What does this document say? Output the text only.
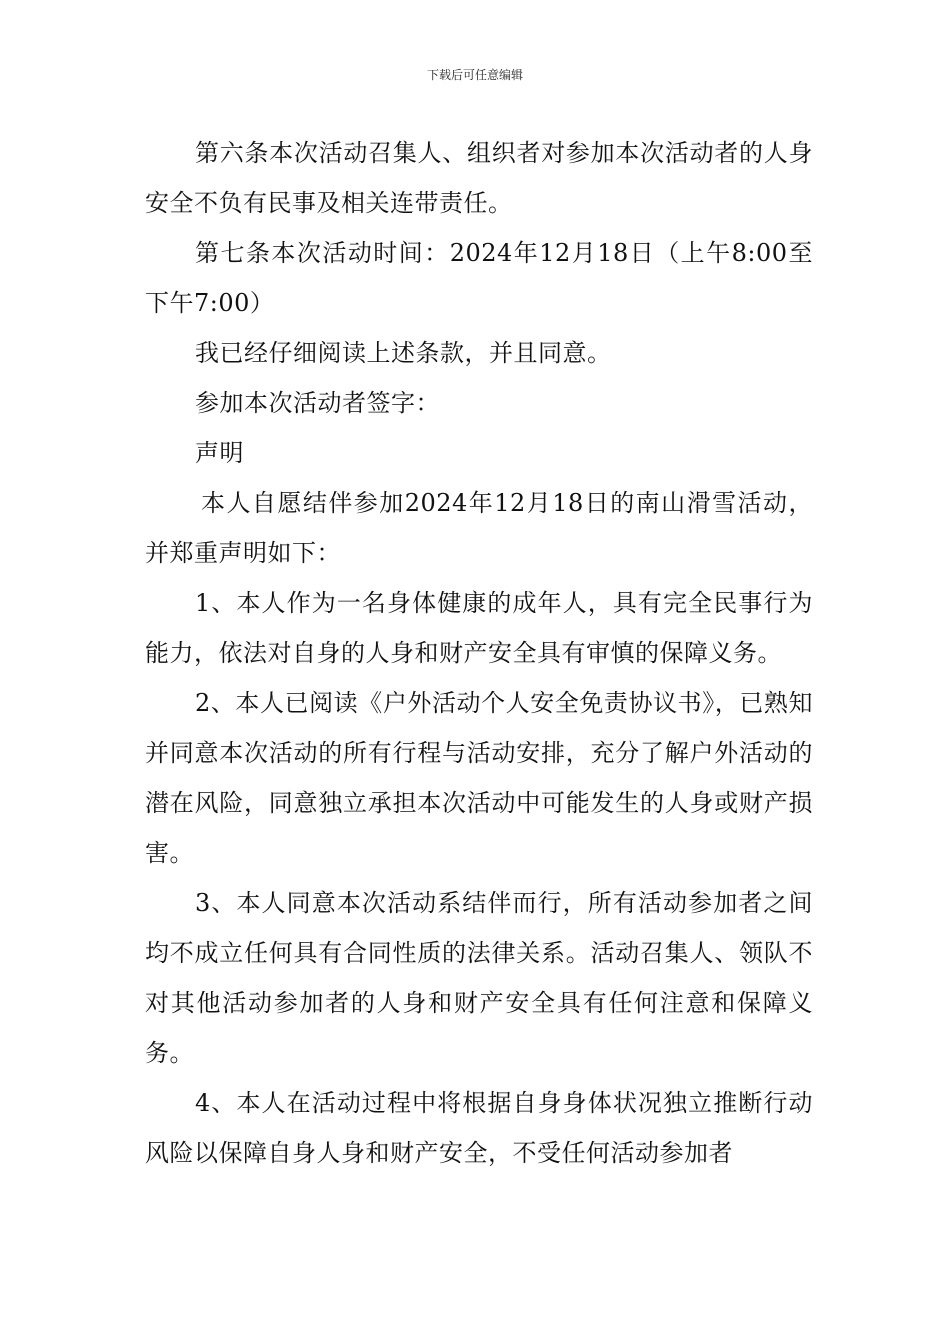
下载后可任意编辑

第六条本次活动召集人、组织者对参加本次活动者的人身安全不负有民事及相关连带责任。

第七条本次活动时间：2024年12月18日（上午8:00至下午7:00）

我已经仔细阅读上述条款，并且同意。

参加本次活动者签字：

声明

本人自愿结伴参加2024年12月18日的南山滑雪活动，并郑重声明如下：

1、本人作为一名身体健康的成年人，具有完全民事行为能力，依法对自身的人身和财产安全具有审慎的保障义务。

2、本人已阅读《户外活动个人安全免责协议书》，已熟知并同意本次活动的所有行程与活动安排，充分了解户外活动的潜在风险，同意独立承担本次活动中可能发生的人身或财产损害。

3、本人同意本次活动系结伴而行，所有活动参加者之间均不成立任何具有合同性质的法律关系。活动召集人、领队不对其他活动参加者的人身和财产安全具有任何注意和保障义务。

4、本人在活动过程中将根据自身身体状况独立推断行动风险以保障自身人身和财产安全，不受任何活动参加者
